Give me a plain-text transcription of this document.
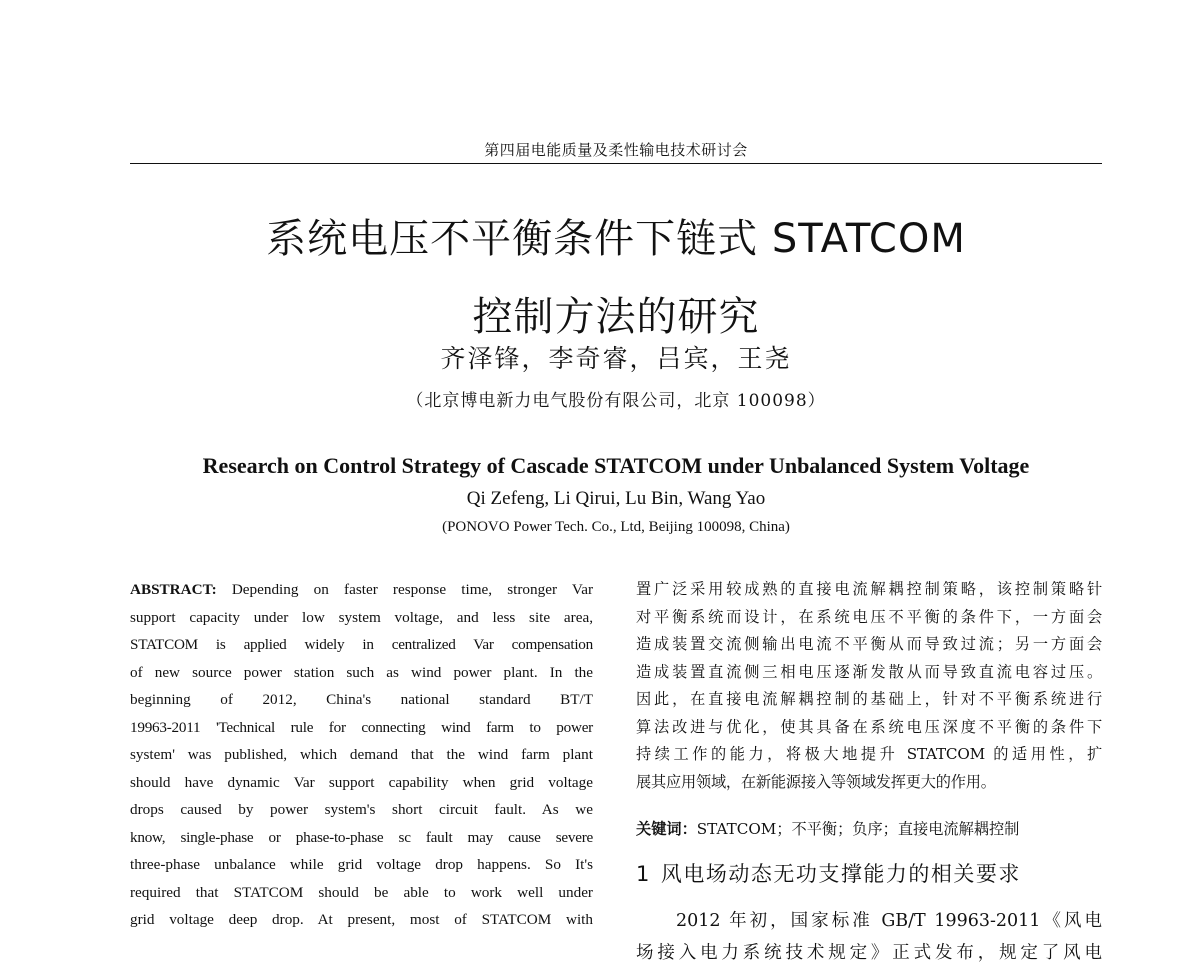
第四届电能质量及柔性输电技术研讨会
系统电压不平衡条件下链式 STATCOM
控制方法的研究
齐泽锋，李奇睿，吕宾，王尧
（北京博电新力电气股份有限公司，北京 100098）
Research on Control Strategy of Cascade STATCOM under Unbalanced System Voltage
Qi Zefeng, Li Qirui, Lu Bin, Wang Yao
(PONOVO Power Tech. Co., Ltd, Beijing 100098, China)
ABSTRACT: Depending on faster response time, stronger Var
support capacity under low system voltage, and less site area,
STATCOM is applied widely in centralized Var compensation
of new source power station such as wind power plant. In the
beginning of 2012, China's national standard BT/T
19963-2011 'Technical rule for connecting wind farm to power
system' was published, which demand that the wind farm plant
should have dynamic Var support capability when grid voltage
drops caused by power system's short circuit fault. As we
know, single-phase or phase-to-phase sc fault may cause severe
three-phase unbalance while grid voltage drop happens. So It's
required that STATCOM should be able to work well under
grid voltage deep drop. At present, most of STATCOM with
置广泛采用较成熟的直接电流解耦控制策略，该控制策略针
对平衡系统而设计，在系统电压不平衡的条件下，一方面会
造成装置交流侧输出电流不平衡从而导致过流；另一方面会
造成装置直流侧三相电压逐渐发散从而导致直流电容过压。
因此，在直接电流解耦控制的基础上，针对不平衡系统进行
算法改进与优化，使其具备在系统电压深度不平衡的条件下
持续工作的能力，将极大地提升 STATCOM 的适用性，扩
展其应用领域，在新能源接入等领域发挥更大的作用。
关键词：STATCOM；不平衡；负序；直接电流解耦控制
1 风电场动态无功支撑能力的相关要求
2012 年初，国家标准 GB/T 19963-2011《风电
场接入电力系统技术规定》正式发布，规定了风电
